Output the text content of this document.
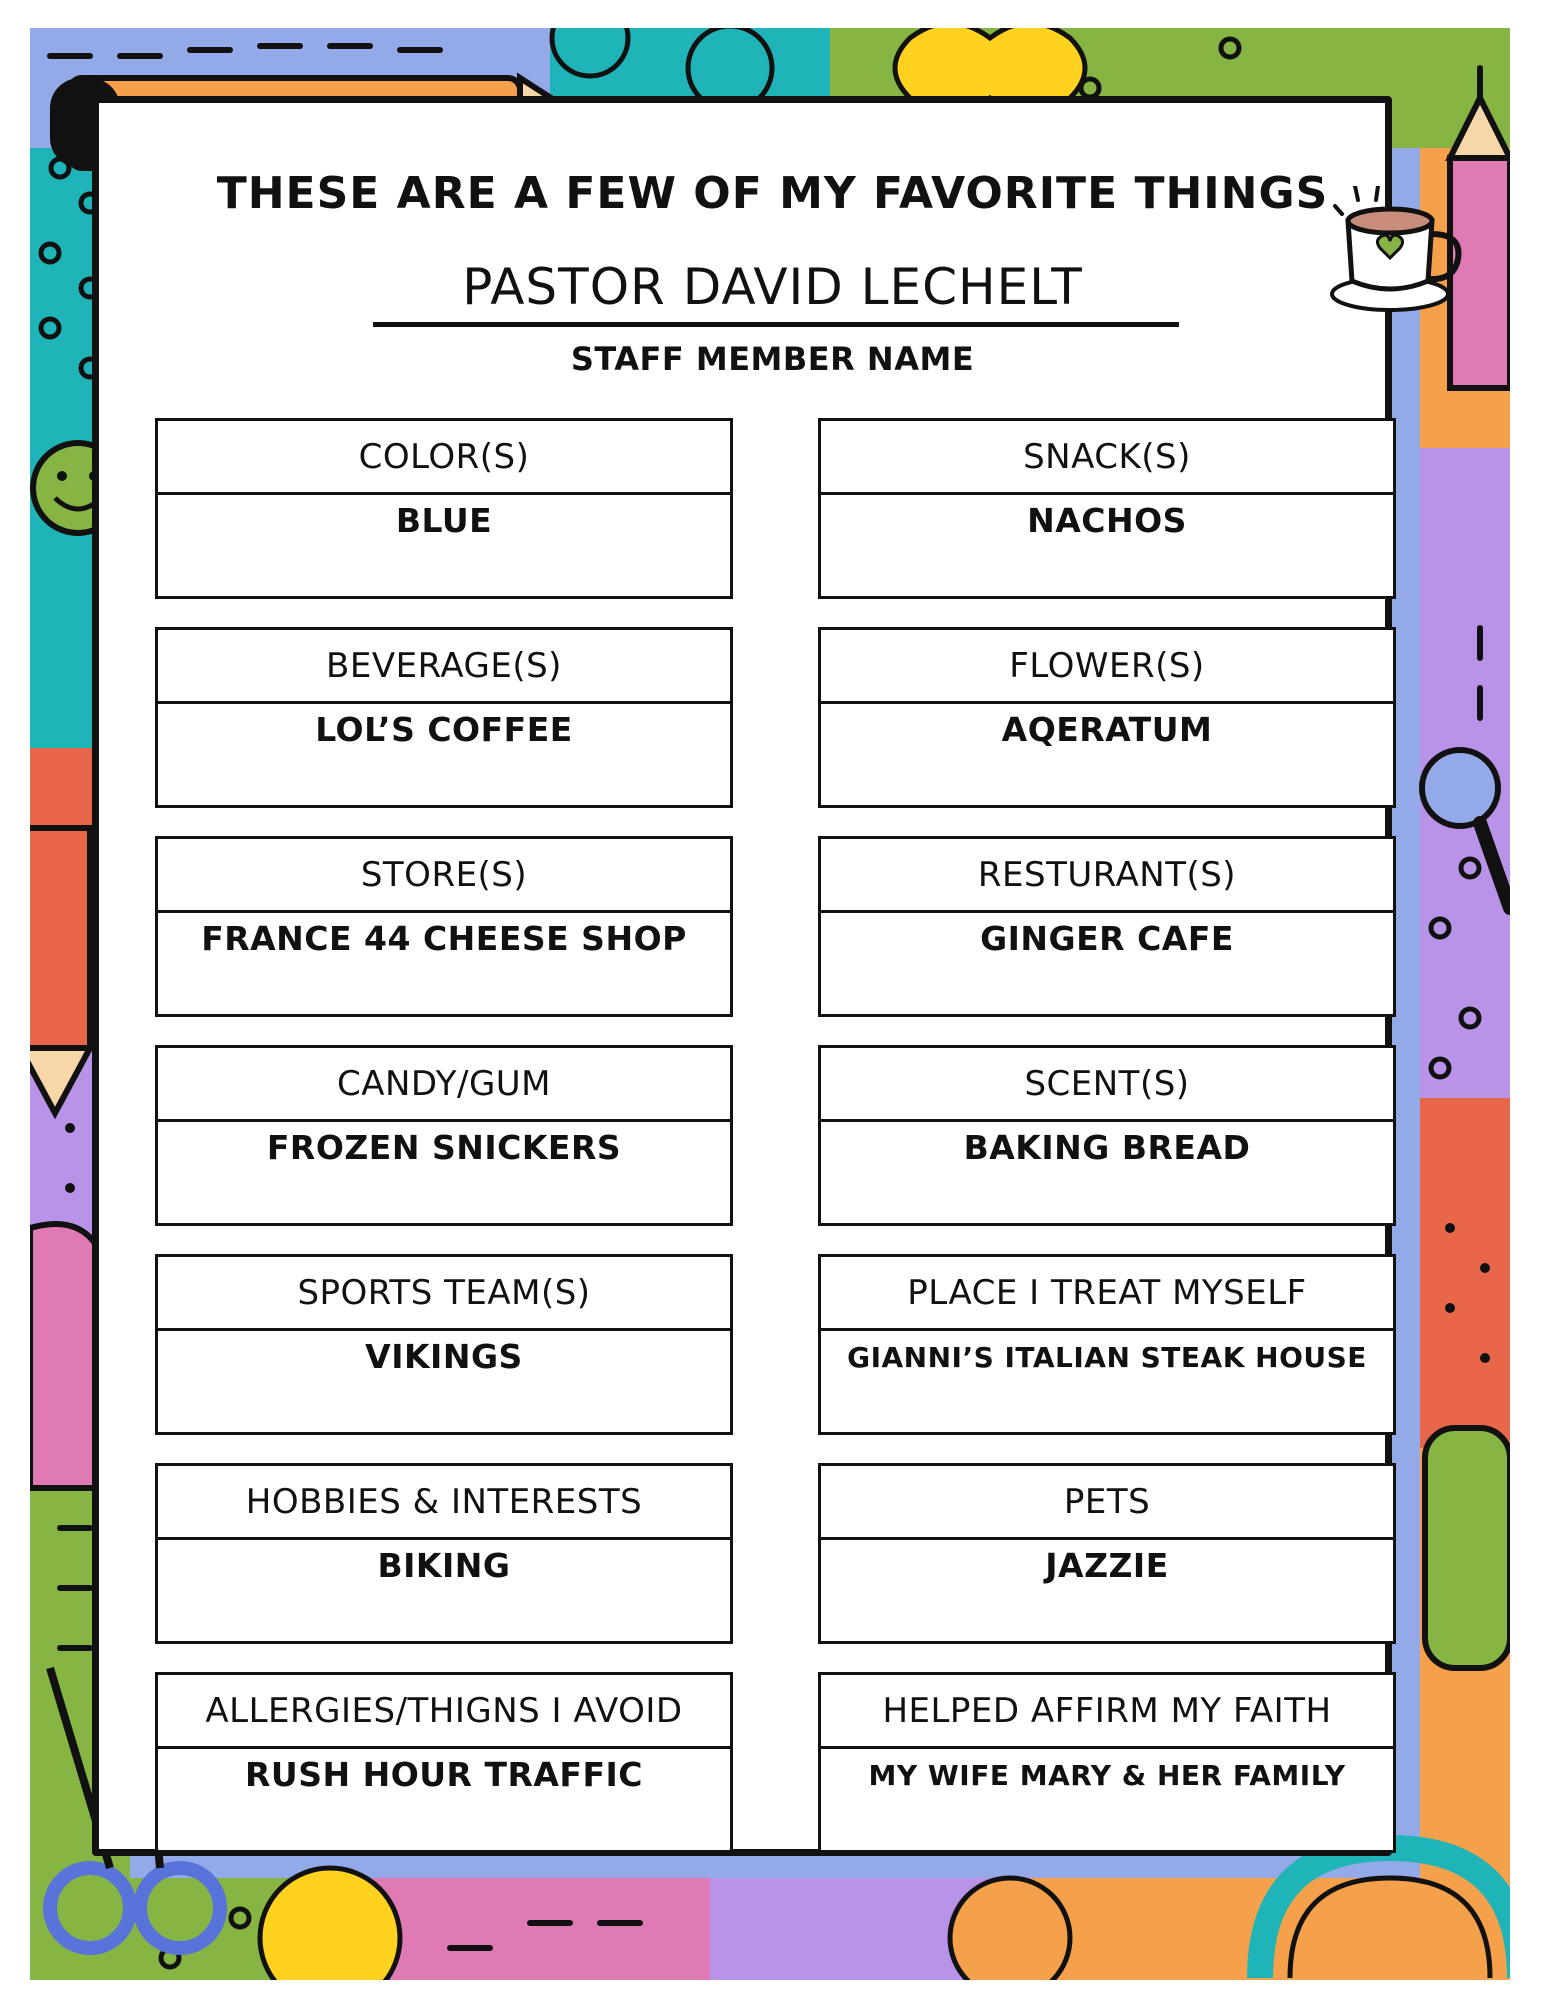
THESE ARE A FEW OF MY FAVORITE THINGS
PASTOR DAVID LECHELT
STAFF MEMBER NAME
COLOR(S)
BLUE
BEVERAGE(S)
LOL’S COFFEE
STORE(S)
FRANCE 44 CHEESE SHOP
CANDY/GUM
FROZEN SNICKERS
SPORTS TEAM(S)
VIKINGS
HOBBIES & INTERESTS
BIKING
ALLERGIES/THIGNS I AVOID
RUSH HOUR TRAFFIC
SNACK(S)
NACHOS
FLOWER(S)
AQERATUM
RESTURANT(S)
GINGER CAFE
SCENT(S)
BAKING BREAD
PLACE I TREAT MYSELF
GIANNI’S ITALIAN STEAK HOUSE
PETS
JAZZIE
HELPED AFFIRM MY FAITH
MY WIFE MARY & HER FAMILY
